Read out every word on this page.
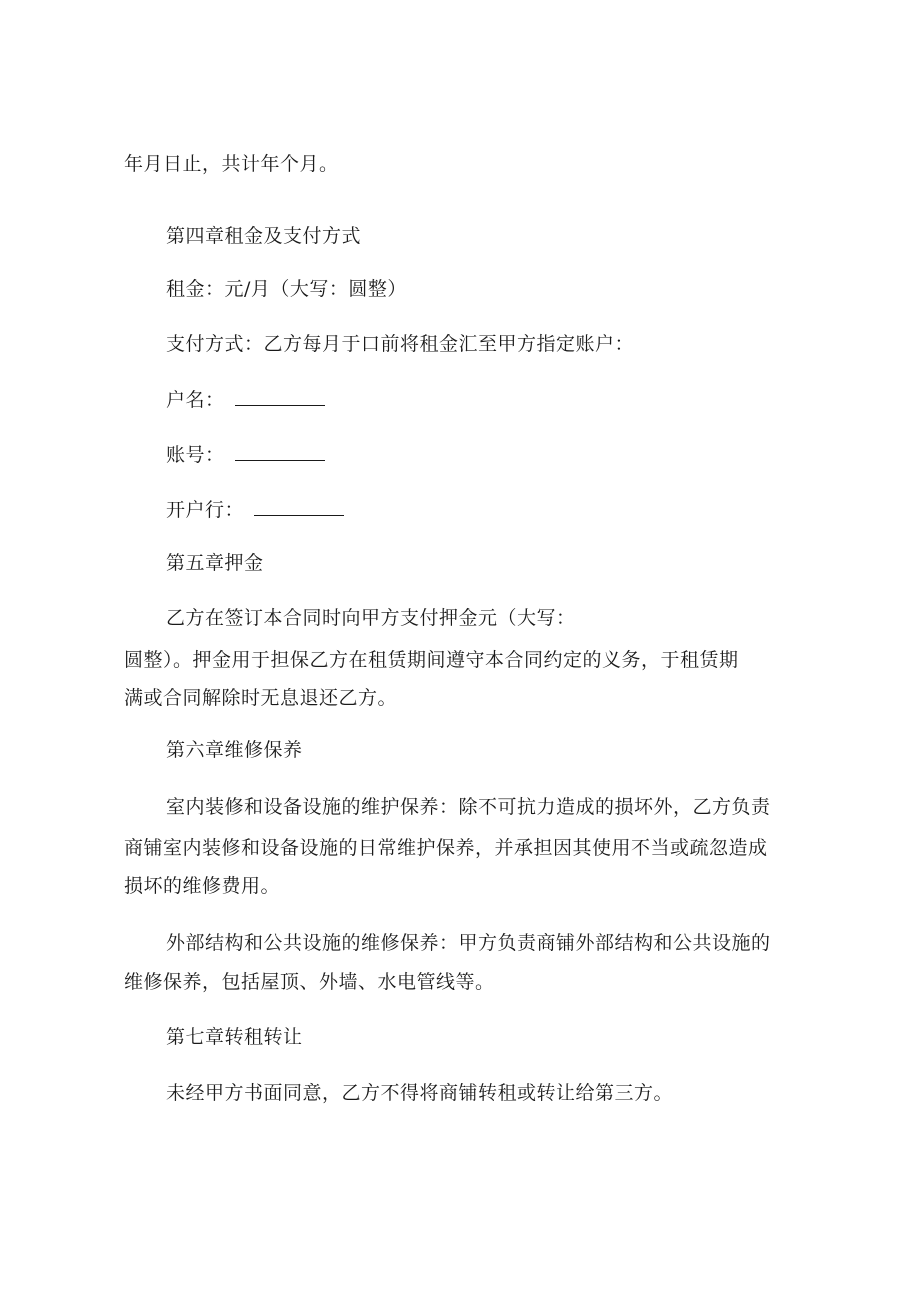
年月日止，共计年个月。
第四章租金及支付方式
租金：元/月（大写：圆整）
支付方式：乙方每月于口前将租金汇至甲方指定账户：
户名：
账号：
开户行：
第五章押金
乙方在签订本合同时向甲方支付押金元（大写：
圆整）。押金用于担保乙方在租赁期间遵守本合同约定的义务，于租赁期
满或合同解除时无息退还乙方。
第六章维修保养
室内装修和设备设施的维护保养：除不可抗力造成的损坏外，乙方负责
商铺室内装修和设备设施的日常维护保养，并承担因其使用不当或疏忽造成
损坏的维修费用。
外部结构和公共设施的维修保养：甲方负责商铺外部结构和公共设施的
维修保养，包括屋顶、外墙、水电管线等。
第七章转租转让
未经甲方书面同意，乙方不得将商铺转租或转让给第三方。
